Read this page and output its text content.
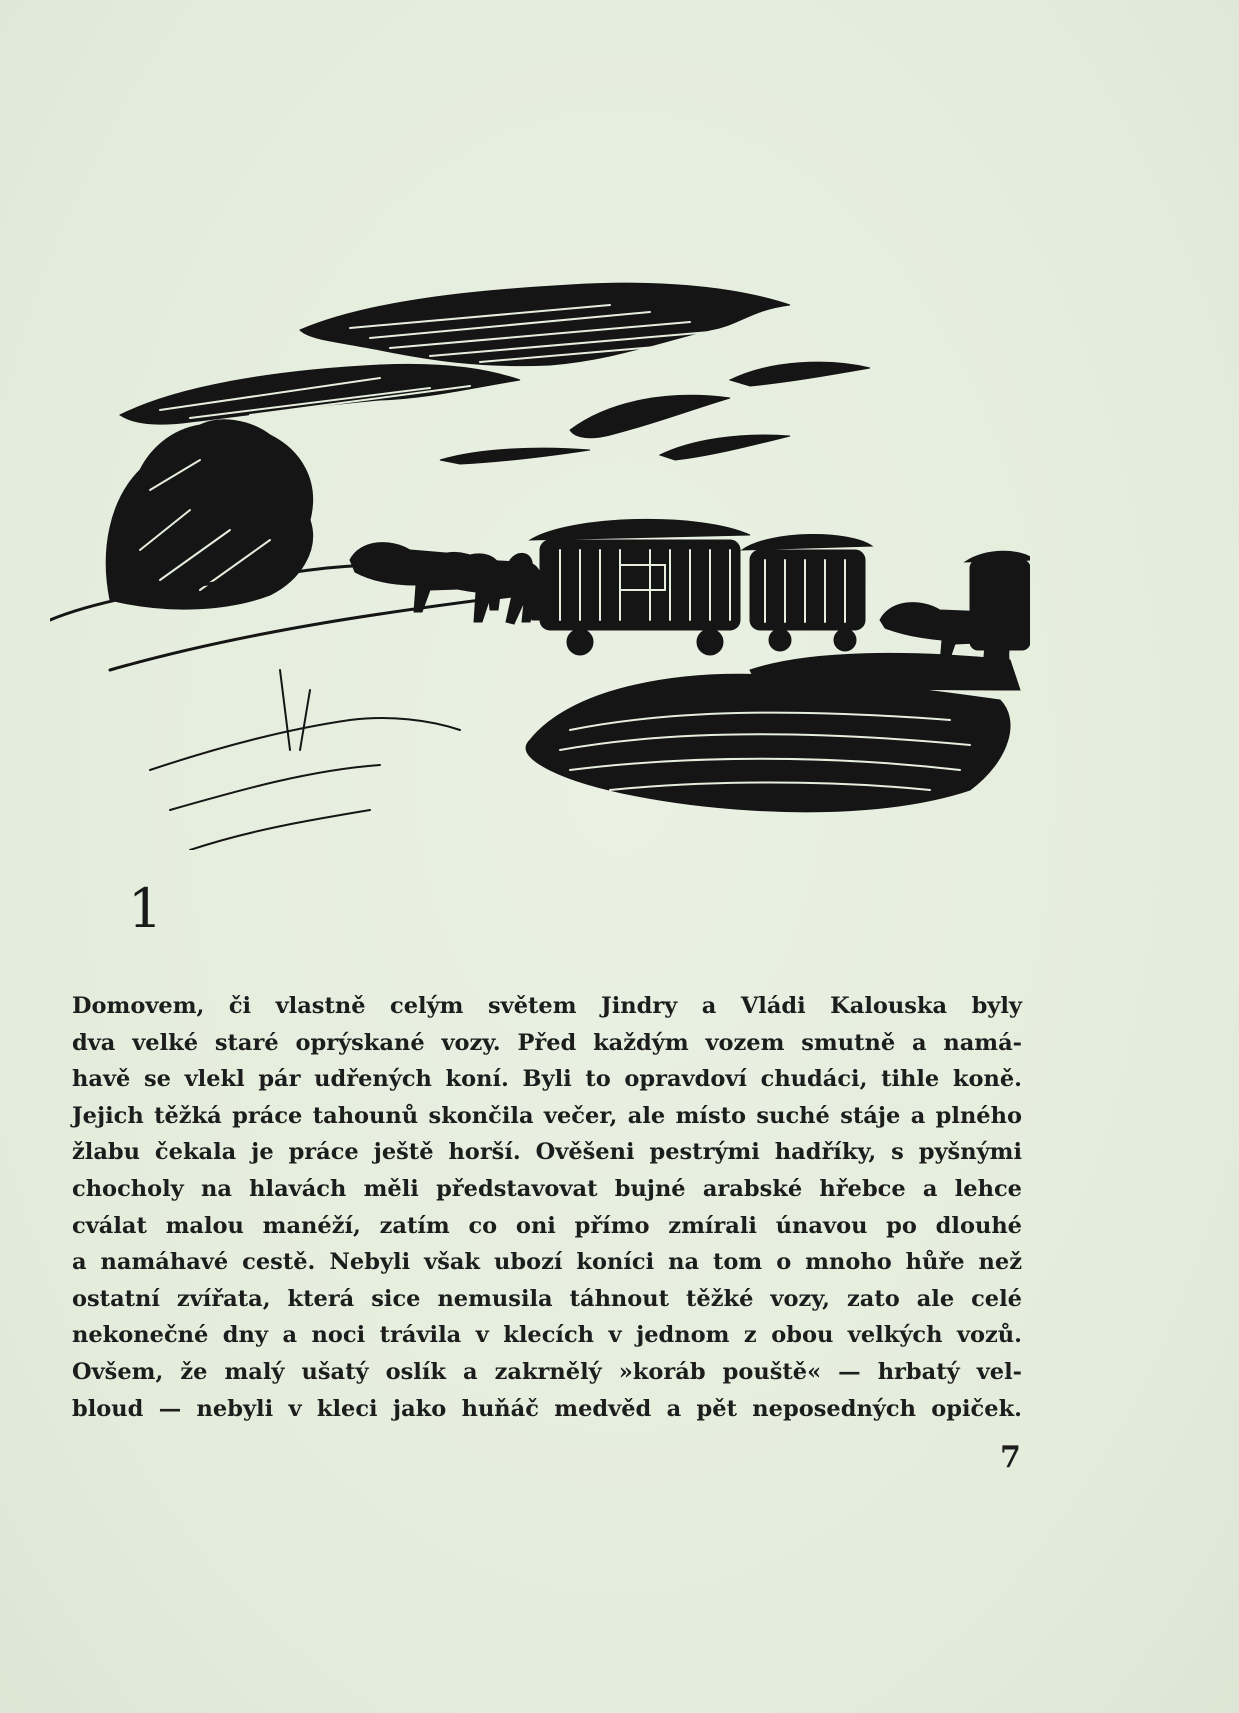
1
Domovem, či vlastně celým světem Jindry a Vládi Kalouska byly
dva velké staré oprýskané vozy. Před každým vozem smutně a namá-
havě se vlekl pár udřených koní. Byli to opravdoví chudáci, tihle koně.
Jejich těžká práce tahounů skončila večer, ale místo suché stáje a plného
žlabu čekala je práce ještě horší. Ověšeni pestrými hadříky, s pyšnými
chocholy na hlavách měli představovat bujné arabské hřebce a lehce
cválat malou manéží, zatím co oni přímo zmírali únavou po dlouhé
a namáhavé cestě. Nebyli však ubozí koníci na tom o mnoho hůře než
ostatní zvířata, která sice nemusila táhnout těžké vozy, zato ale celé
nekonečné dny a noci trávila v klecích v jednom z obou velkých vozů.
Ovšem, že malý ušatý oslík a zakrnělý »koráb pouště« — hrbatý vel-
bloud — nebyli v kleci jako huňáč medvěd a pět neposedných opiček.
7
